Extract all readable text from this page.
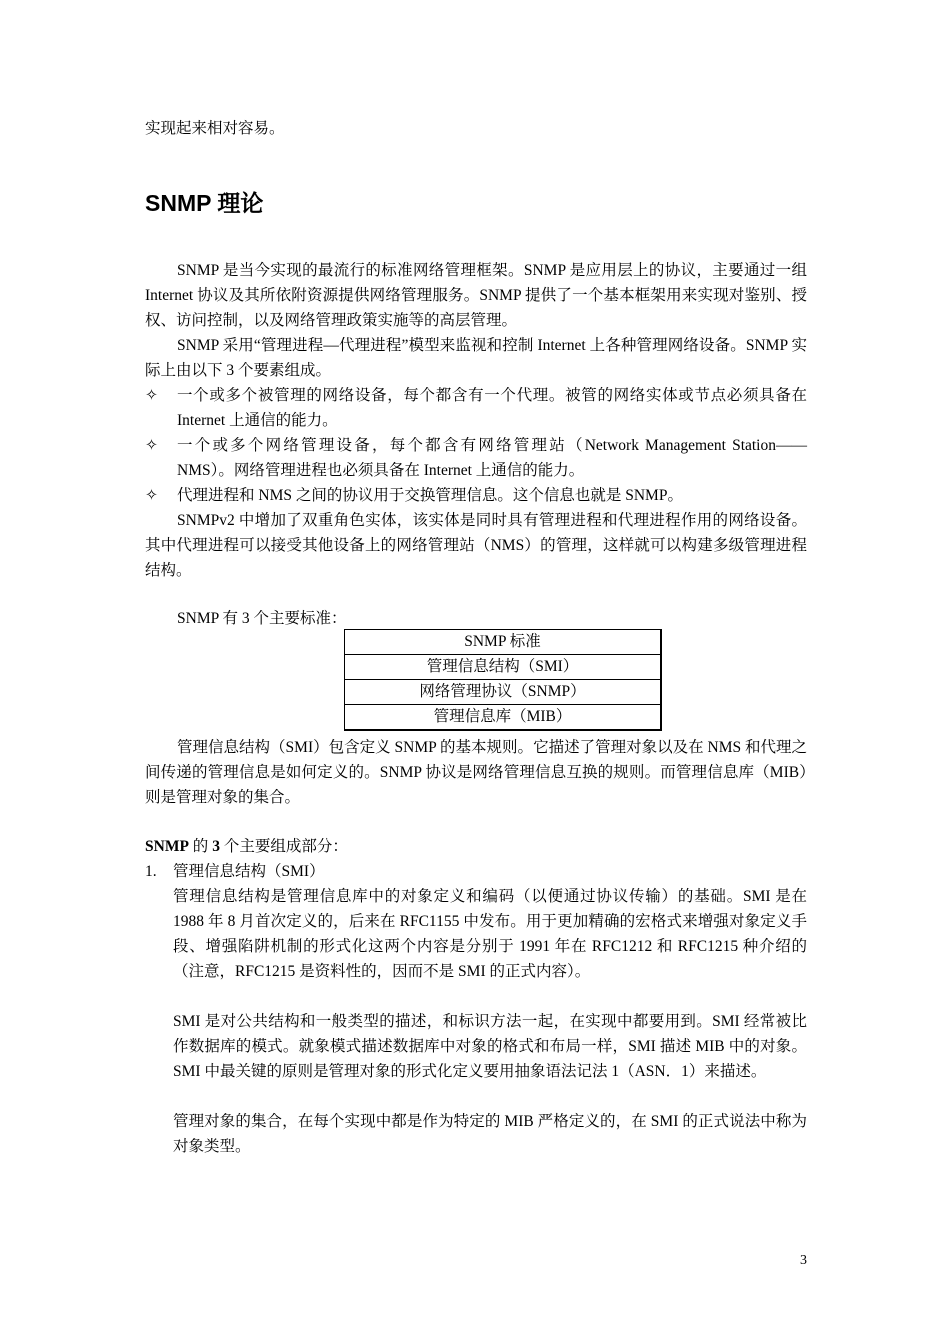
实现起来相对容易。

SNMP 理论

SNMP 是当今实现的最流行的标准网络管理框架。SNMP 是应用层上的协议，主要通过一组 Internet 协议及其所依附资源提供网络管理服务。SNMP 提供了一个基本框架用来实现对鉴别、授权、访问控制，以及网络管理政策实施等的高层管理。

SNMP 采用“管理进程—代理进程”模型来监视和控制 Internet 上各种管理网络设备。SNMP 实际上由以下 3 个要素组成。

✧	一个或多个被管理的网络设备，每个都含有一个代理。被管的网络实体或节点必须具备在 Internet 上通信的能力。

✧	一个或多个网络管理设备，每个都含有网络管理站（Network Management Station——NMS）。网络管理进程也必须具备在 Internet 上通信的能力。

✧	代理进程和 NMS 之间的协议用于交换管理信息。这个信息也就是 SNMP。

SNMPv2 中增加了双重角色实体，该实体是同时具有管理进程和代理进程作用的网络设备。其中代理进程可以接受其他设备上的网络管理站（NMS）的管理，这样就可以构建多级管理进程结构。

SNMP 有 3 个主要标准：

SNMP 标准
管理信息结构（SMI）
网络管理协议（SNMP）
管理信息库（MIB）

管理信息结构（SMI）包含定义 SNMP 的基本规则。它描述了管理对象以及在 NMS 和代理之间传递的管理信息是如何定义的。SNMP 协议是网络管理信息互换的规则。而管理信息库（MIB）则是管理对象的集合。

SNMP 的 3 个主要组成部分：

1. 管理信息结构（SMI）

管理信息结构是管理信息库中的对象定义和编码（以便通过协议传输）的基础。SMI 是在 1988 年 8 月首次定义的，后来在 RFC1155 中发布。用于更加精确的宏格式来增强对象定义手段、增强陷阱机制的形式化这两个内容是分别于 1991 年在 RFC1212 和 RFC1215 种介绍的（注意，RFC1215 是资料性的，因而不是 SMI 的正式内容）。

SMI 是对公共结构和一般类型的描述，和标识方法一起，在实现中都要用到。SMI 经常被比作数据库的模式。就象模式描述数据库中对象的格式和布局一样，SMI 描述 MIB 中的对象。SMI 中最关键的原则是管理对象的形式化定义要用抽象语法记法 1（ASN．1）来描述。

管理对象的集合，在每个实现中都是作为特定的 MIB 严格定义的，在 SMI 的正式说法中称为对象类型。

3
